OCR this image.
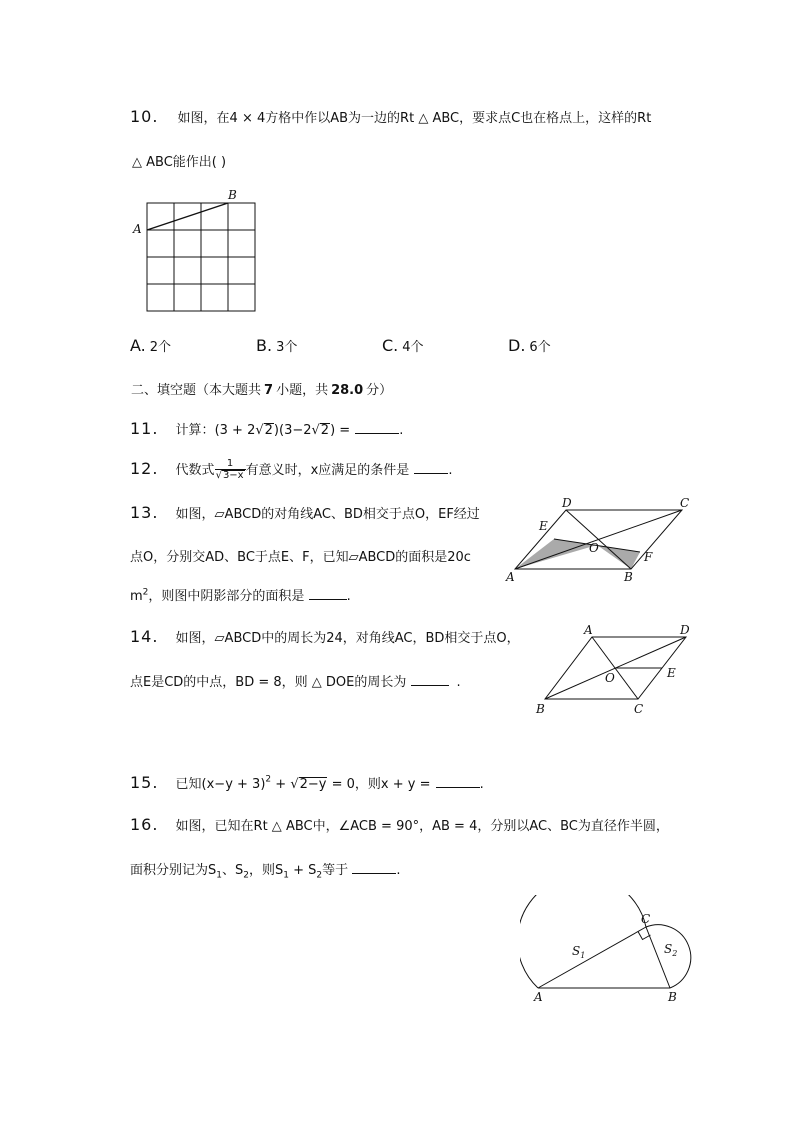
10. 如图，在4 × 4方格中作以AB为一边的Rt △ ABC，要求点C也在格点上，这样的Rt
△ ABC能作出( )
A
B
A. 2个	B. 3个	C. 4个	D. 6个
二、填空题（本大题共 7 小题，共 28.0 分）
11. 计算：(3 + 2√2)(3−2√2) =	.
12. 代数式 $\frac{1}{√3-x}$ 有意义时，x应满足的条件是	.
13. 如图，▱ABCD的对角线AC、BD相交于点O，EF经过
点O，分别交AD、BC于点E、F，已知▱ABCD的面积是20c
$m^2$，则图中阴影部分的面积是	.
A	B
C
D
E
F
O
14. 如图，▱ABCD中的周长为24，对角线AC，BD相交于点O，
点E是CD的中点，BD = 8，则 △ DOE的周长为	.
B	C
A	D
E
O
15. 已知$(x-y + 3)^2 + √2-y = 0$，则x + y =	.
16. 如图，已知在Rt △ ABC中，∠ACB = 90°，AB = 4，分别以AC、BC为直径作半圆，
面积分别记为$S_1$、$S_2$，则$S_1 + S_2$等于	.
A	B
C
$S_1$	$S_2$
